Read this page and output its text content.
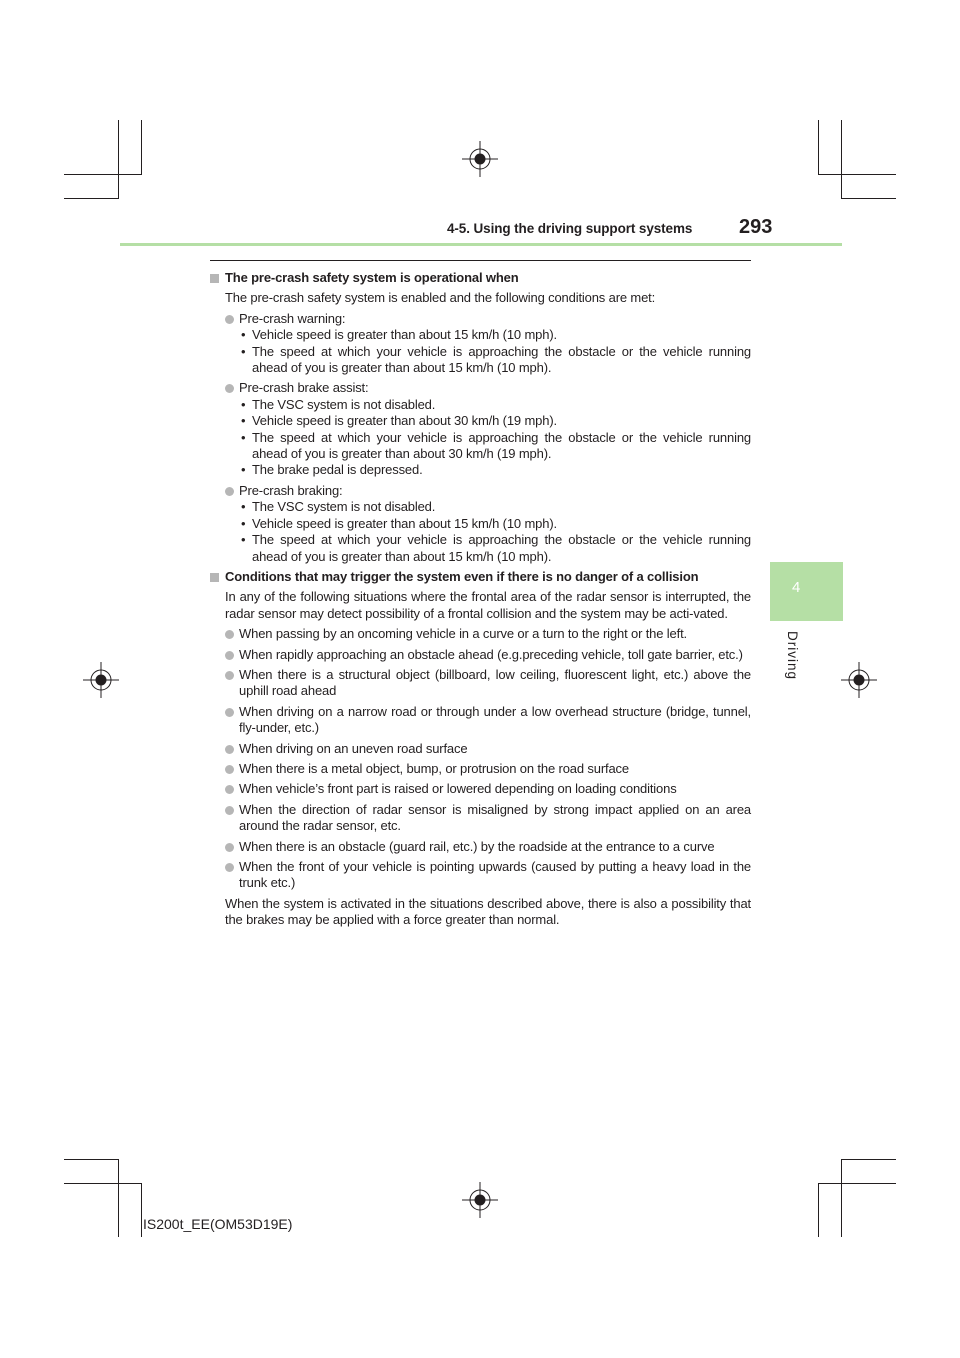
4-5. Using the driving support systems 293
4
Driving
The pre-crash safety system is operational when
The pre-crash safety system is enabled and the following conditions are met:
Pre-crash warning:
• Vehicle speed is greater than about 15 km/h (10 mph).
• The speed at which your vehicle is approaching the obstacle or the vehicle running ahead of you is greater than about 15 km/h (10 mph).
Pre-crash brake assist:
• The VSC system is not disabled.
• Vehicle speed is greater than about 30 km/h (19 mph).
• The speed at which your vehicle is approaching the obstacle or the vehicle running ahead of you is greater than about 30 km/h (19 mph).
• The brake pedal is depressed.
Pre-crash braking:
• The VSC system is not disabled.
• Vehicle speed is greater than about 15 km/h (10 mph).
• The speed at which your vehicle is approaching the obstacle or the vehicle running ahead of you is greater than about 15 km/h (10 mph).
Conditions that may trigger the system even if there is no danger of a collision
In any of the following situations where the frontal area of the radar sensor is interrupted, the radar sensor may detect possibility of a frontal collision and the system may be acti-vated.
When passing by an oncoming vehicle in a curve or a turn to the right or the left.
When rapidly approaching an obstacle ahead (e.g.preceding vehicle, toll gate barrier, etc.)
When there is a structural object (billboard, low ceiling, fluorescent light, etc.) above the uphill road ahead
When driving on a narrow road or through under a low overhead structure (bridge, tunnel, fly-under, etc.)
When driving on an uneven road surface
When there is a metal object, bump, or protrusion on the road surface
When vehicle’s front part is raised or lowered depending on loading conditions
When the direction of radar sensor is misaligned by strong impact applied on an area around the radar sensor, etc.
When there is an obstacle (guard rail, etc.) by the roadside at the entrance to a curve
When the front of your vehicle is pointing upwards (caused by putting a heavy load in the trunk etc.)
When the system is activated in the situations described above, there is also a possibility that the brakes may be applied with a force greater than normal.
IS200t_EE(OM53D19E)
